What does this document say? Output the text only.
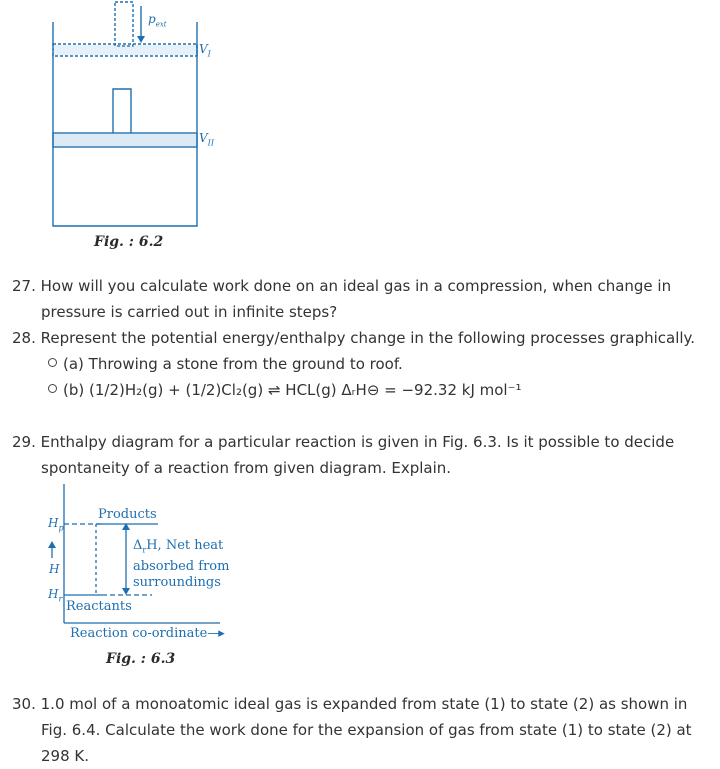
$p_{ext}$
$V_I$
$V_{II}$
Fig. : 6.2
27. How will you calculate work done on an ideal gas in a compression, when change in
pressure is carried out in infinite steps?
28. Represent the potential energy/enthalpy change in the following processes graphically.
(a) Throwing a stone from the ground to roof.
(b) (1/2)H₂(g) + (1/2)Cl₂(g) ⇌ HCL(g) ΔᵣH⊖ = −92.32 kJ mol⁻¹
29. Enthalpy diagram for a particular reaction is given in Fig. 6.3. Is it possible to decide
spontaneity of a reaction from given diagram. Explain.
Products
$H_p$
H
$H_r$
$\Delta_rH$, Net heat
absorbed from
surroundings
Reactants
Reaction co-ordinate—▸
Fig. : 6.3
30. 1.0 mol of a monoatomic ideal gas is expanded from state (1) to state (2) as shown in
Fig. 6.4. Calculate the work done for the expansion of gas from state (1) to state (2) at
298 K.
